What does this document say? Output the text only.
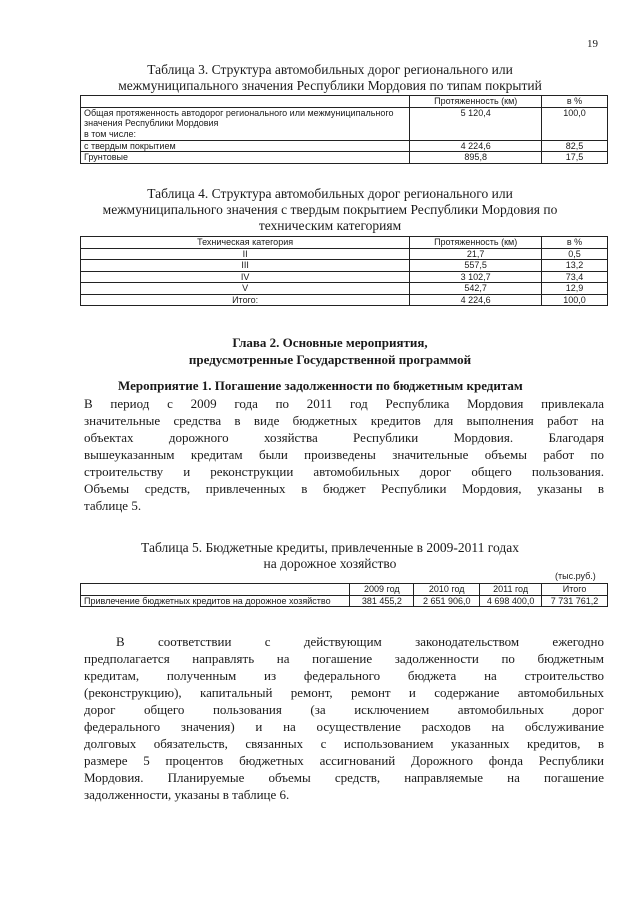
19
Таблица 3. Структура автомобильных дорог регионального или
межмуниципального значения Республики Мордовия по типам покрытий
	Протяженность (км)	в %
Общая протяженность автодорог регионального или межмуниципального значения Республики Мордовия
в том числе:	5 120,4	100,0
с твердым покрытием	4 224,6	82,5
Грунтовые	895,8	17,5
Таблица 4. Структура автомобильных дорог регионального или
межмуниципального значения с твердым покрытием Республики Мордовия по
техническим категориям
Техническая категория	Протяженность (км)	в %
II	21,7	0,5
III	557,5	13,2
IV	3 102,7	73,4
V	542,7	12,9
Итого:	4 224,6	100,0
Глава 2. Основные мероприятия,
предусмотренные Государственной программой
Мероприятие 1. Погашение задолженности по бюджетным кредитам
В период с 2009 года по 2011 год Республика Мордовия привлекала
значительные средства в виде бюджетных кредитов для выполнения работ на
объектах дорожного хозяйства Республики Мордовия. Благодаря
вышеуказанным кредитам были произведены значительные объемы работ по
строительству и реконструкции автомобильных дорог общего пользования.
Объемы средств, привлеченных в бюджет Республики Мордовия, указаны в
таблице 5.
Таблица 5. Бюджетные кредиты, привлеченные в 2009-2011 годах
на дорожное хозяйство
(тыс.руб.)
	2009 год	2010 год	2011 год	Итого
Привлечение бюджетных кредитов на дорожное хозяйство	381 455,2	2 651 906,0	4 698 400,0	7 731 761,2
В соответствии с действующим законодательством ежегодно
предполагается направлять на погашение задолженности по бюджетным
кредитам, полученным из федерального бюджета на строительство
(реконструкцию), капитальный ремонт, ремонт и содержание автомобильных
дорог общего пользования (за исключением автомобильных дорог
федерального значения) и на осуществление расходов на обслуживание
долговых обязательств, связанных с использованием указанных кредитов, в
размере 5 процентов бюджетных ассигнований Дорожного фонда Республики
Мордовия. Планируемые объемы средств, направляемые на погашение
задолженности, указаны в таблице 6.
